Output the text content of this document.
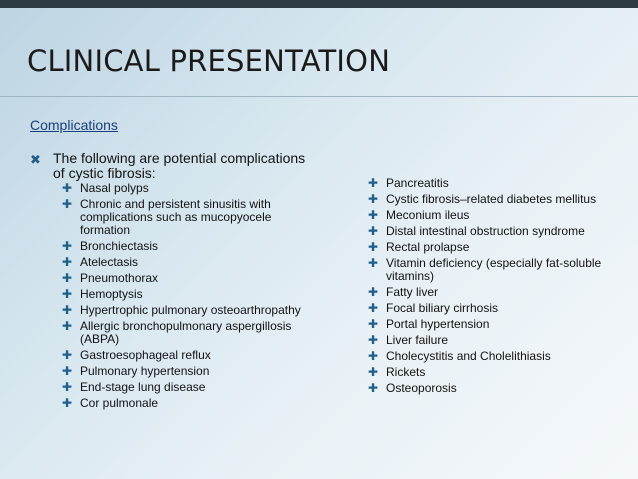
CLINICAL PRESENTATION
Complications
✖ The following are potential complications of cystic fibrosis:
✚ Nasal polyps
✚ Chronic and persistent sinusitis with complications such as mucopyocele formation
✚ Bronchiectasis
✚ Atelectasis
✚ Pneumothorax
✚ Hemoptysis
✚ Hypertrophic pulmonary osteoarthropathy
✚ Allergic bronchopulmonary aspergillosis (ABPA)
✚ Gastroesophageal reflux
✚ Pulmonary hypertension
✚ End-stage lung disease
✚ Cor pulmonale
✚ Pancreatitis
✚ Cystic fibrosis–related diabetes mellitus
✚ Meconium ileus
✚ Distal intestinal obstruction syndrome
✚ Rectal prolapse
✚ Vitamin deficiency (especially fat-soluble vitamins)
✚ Fatty liver
✚ Focal biliary cirrhosis
✚ Portal hypertension
✚ Liver failure
✚ Cholecystitis and Cholelithiasis
✚ Rickets
✚ Osteoporosis
